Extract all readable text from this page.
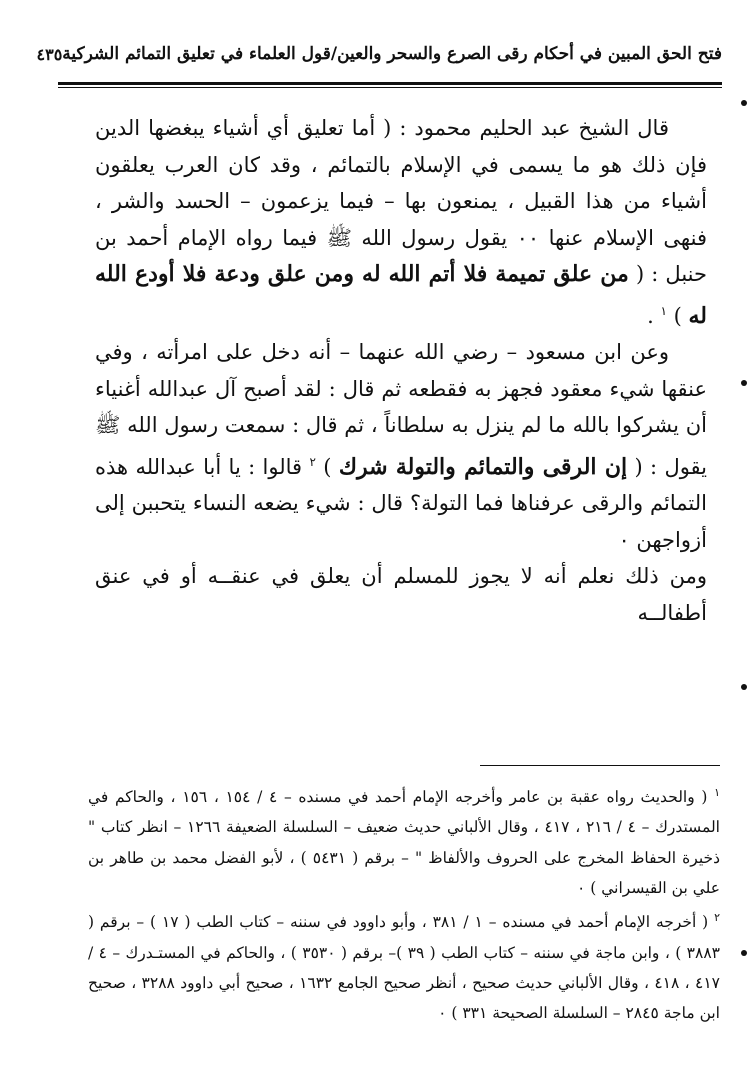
فتح الحق المبين في أحكام رقى الصرع والسحر والعين/قول العلماء في تعليق التمائم الشركية
٤٣٥

قال الشيخ عبد الحليم محمود : ( أما تعليق أي أشياء يبغضها الدين فإن ذلك هو ما يسمى في الإسلام بالتمائم ، وقد كان العرب يعلقون أشياء من هذا القبيل ، يمنعون بها – فيما يزعمون – الحسد والشر ، فنهى الإسلام عنها ٠٠ يقول رسول الله ﷺ فيما رواه الإمام أحمد بن حنبل : ( من علق تميمة فلا أتم الله له ومن علق ودعة فلا أودع الله له ) $^١$ .

وعن ابن مسعود – رضي الله عنهما – أنه دخل على امرأته ، وفي عنقها شيء معقود فجهز به فقطعه ثم قال : لقد أصبح آل عبدالله أغنياء أن يشركوا بالله ما لم ينزل به سلطاناً ، ثم قال : سمعت رسول الله ﷺ يقول : ( إن الرقى والتمائم والتولة شرك ) $^٢$ قالوا : يا أبا عبدالله هذه التمائم والرقى عرفناها فما التولة؟ قال : شيء يضعه النساء يتحببن إلى أزواجهن ٠

ومن ذلك نعلم أنه لا يجوز للمسلم أن يعلق في عنقــه أو في عنق أطفالــه

$^١$ ( والحديث رواه عقبة بن عامر وأخرجه الإمام أحمد في مسنده – ٤ / ١٥٤ ، ١٥٦ ، والحاكم في المستدرك – ٤ / ٢١٦ ، ٤١٧ ، وقال الألباني حديث ضعيف – السلسلة الضعيفة ١٢٦٦ – انظر كتاب " ذخيرة الحفاظ المخرج على الحروف والألفاظ " – برقم ( ٥٤٣١ ) ، لأبو الفضل محمد بن طاهر بن علي بن القيسراني ) ٠

$^٢$ ( أخرجه الإمام أحمد في مسنده – ١ / ٣٨١ ، وأبو داوود في سننه – كتاب الطب ( ١٧ ) – برقم ( ٣٨٨٣ ) ، وابن ماجة في سننه – كتاب الطب ( ٣٩ )– برقم ( ٣٥٣٠ ) ، والحاكم في المستـدرك – ٤ / ٤١٧ ، ٤١٨ ، وقال الألباني حديث صحيح ، أنظر صحيح الجامع ١٦٣٢ ، صحيح أبي داوود ٣٢٨٨ ، صحيح ابن ماجة ٢٨٤٥ – السلسلة الصحيحة ٣٣١ ) ٠
